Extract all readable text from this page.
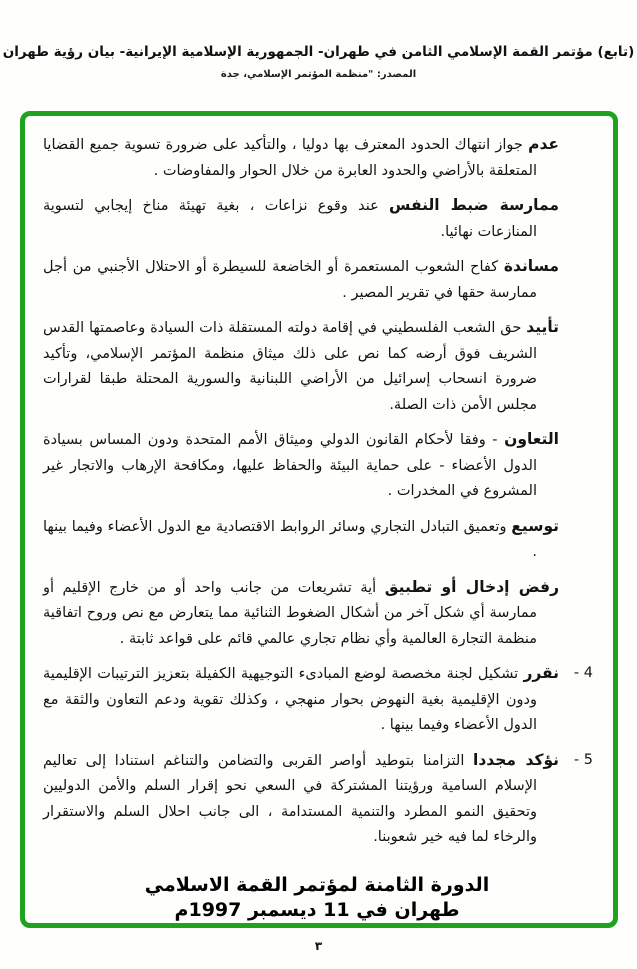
(تابع) مؤتمر القمة الإسلامي الثامن في طهران- الجمهورية الإسلامية الإيرانية- بيان رؤية طهران
المصدر: "منظمة المؤتمر الإسلامي، جدة

عدم جواز انتهاك الحدود المعترف بها دوليا ، والتأكيد على ضرورة تسوية جميع القضايا المتعلقة بالأراضي والحدود العابرة من خلال الحوار والمفاوضات .

ممارسة ضبط النفس عند وقوع نزاعات ، بغية تهيئة مناخ إيجابي لتسوية المنازعات نهائيا.

مساندة كفاح الشعوب المستعمرة أو الخاضعة للسيطرة أو الاحتلال الأجنبي من أجل ممارسة حقها في تقرير المصير .

تأييد حق الشعب الفلسطيني في إقامة دولته المستقلة ذات السيادة وعاصمتها القدس الشريف فوق أرضه كما نص على ذلك ميثاق منظمة المؤتمر الإسلامي، وتأكيد ضرورة انسحاب إسرائيل من الأراضي اللبنانية والسورية المحتلة طبقا لقرارات مجلس الأمن ذات الصلة.

التعاون - وفقا لأحكام القانون الدولي وميثاق الأمم المتحدة ودون المساس بسيادة الدول الأعضاء - على حماية البيئة والحفاظ عليها، ومكافحة الإرهاب والاتجار غير المشروع في المخدرات .

توسيع وتعميق التبادل التجاري وسائر الروابط الاقتصادية مع الدول الأعضاء وفيما بينها .

رفض إدخال أو تطبيق أية تشريعات من جانب واحد أو من خارج الإقليم أو ممارسة أي شكل آخر من أشكال الضغوط الثنائية مما يتعارض مع نص وروح اتفاقية منظمة التجارة العالمية وأي نظام تجاري عالمي قائم على قواعد ثابتة .

4 -

نقرر تشكيل لجنة مخصصة لوضع المبادىء التوجيهية الكفيلة بتعزيز الترتيبات الإقليمية ودون الإقليمية بغية النهوض بحوار منهجي ، وكذلك تقوية ودعم التعاون والثقة مع الدول الأعضاء وفيما بينها .

5 -

نؤكد مجددا التزامنا بتوطيد أواصر القربى والتضامن والتناغم استنادا إلى تعاليم الإسلام السامية ورؤيتنا المشتركة في السعي نحو إقرار السلم والأمن الدوليين وتحقيق النمو المطرد والتنمية المستدامة ، الى جانب احلال السلم والاستقرار والرخاء لما فيه خير شعوبنا.

الدورة الثامنة لمؤتمر القمة الاسلامي
طهران في 11 ديسمبر 1997م
٣
